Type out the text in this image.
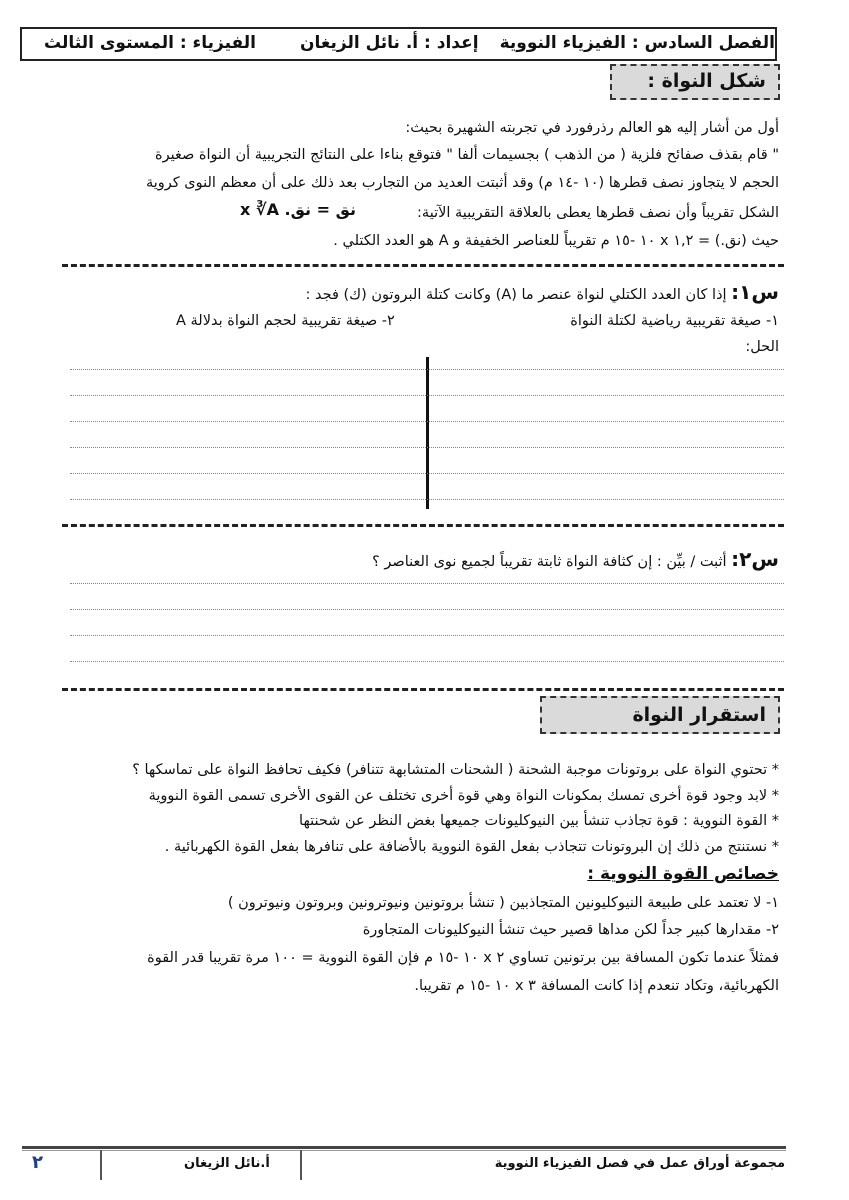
الفصل السادس : الفيزياء النووية
إعداد : أ. نائل الزيغان
الفيزياء : المستوى الثالث
شكل النواة :
أول من أشار إليه هو العالم رذرفورد في تجربته الشهيرة بحيث:
" قام بقذف صفائح فلزية ( من الذهب ) بجسيمات ألفا " فتوقع بناءا على النتائج التجريبية أن النواة صغيرة
الحجم لا يتجاوز نصف قطرها (١٠ -١٤ م) وقد أثبتت العديد من التجارب بعد ذلك على أن معظم النوى كروية
الشكل تقريباً وأن نصف قطرها يعطى بالعلاقة التقريبية الآتية:
نق = نق. x ∛A
حيث (نق.) = ١,٢ x ١٠ -١٥ م تقريباً للعناصر الخفيفة و A هو العدد الكتلي .
س١: إذا كان العدد الكتلي لنواة عنصر ما (A) وكانت كتلة البروتون (ك) فجد :
١- صيغة تقريبية رياضية لكتلة النواة
٢- صيغة تقريبية لحجم النواة بدلالة A
الحل:
س٢: أثبت / بيِّن : إن كثافة النواة ثابتة تقريباً لجميع نوى العناصر ؟
استقرار النواة
* تحتوي النواة على بروتونات موجبة الشحنة ( الشحنات المتشابهة تتنافر) فكيف تحافظ النواة على تماسكها ؟
* لابد وجود قوة أخرى تمسك بمكونات النواة وهي قوة أخرى تختلف عن القوى الأخرى تسمى القوة النووية
* القوة النووية : قوة تجاذب تنشأ بين النيوكليونات جميعها بغض النظر عن شحنتها
* نستنتج من ذلك إن البروتونات تتجاذب بفعل القوة النووية بالأضافة على تنافرها بفعل القوة الكهربائية .
خصائص القوة النووية :
١- لا تعتمد على طبيعة النيوكليونين المتجاذبين ( تنشأ بروتونين ونيوترونين وبروتون ونيوترون )
٢- مقدارها كبير جداً لكن مداها قصير حيث تنشأ النيوكليونات المتجاورة
فمثلاً عندما تكون المسافة بين برتونين تساوي ٢ x ١٠ -١٥ م فإن القوة النووية = ١٠٠ مرة تقريبا قدر القوة
الكهربائية، وتكاد تنعدم إذا كانت المسافة ٣ x ١٠ -١٥ م تقريبا.
مجموعة أوراق عمل في فصل الفيزياء النووية
أ.نائل الزيغان
٢
